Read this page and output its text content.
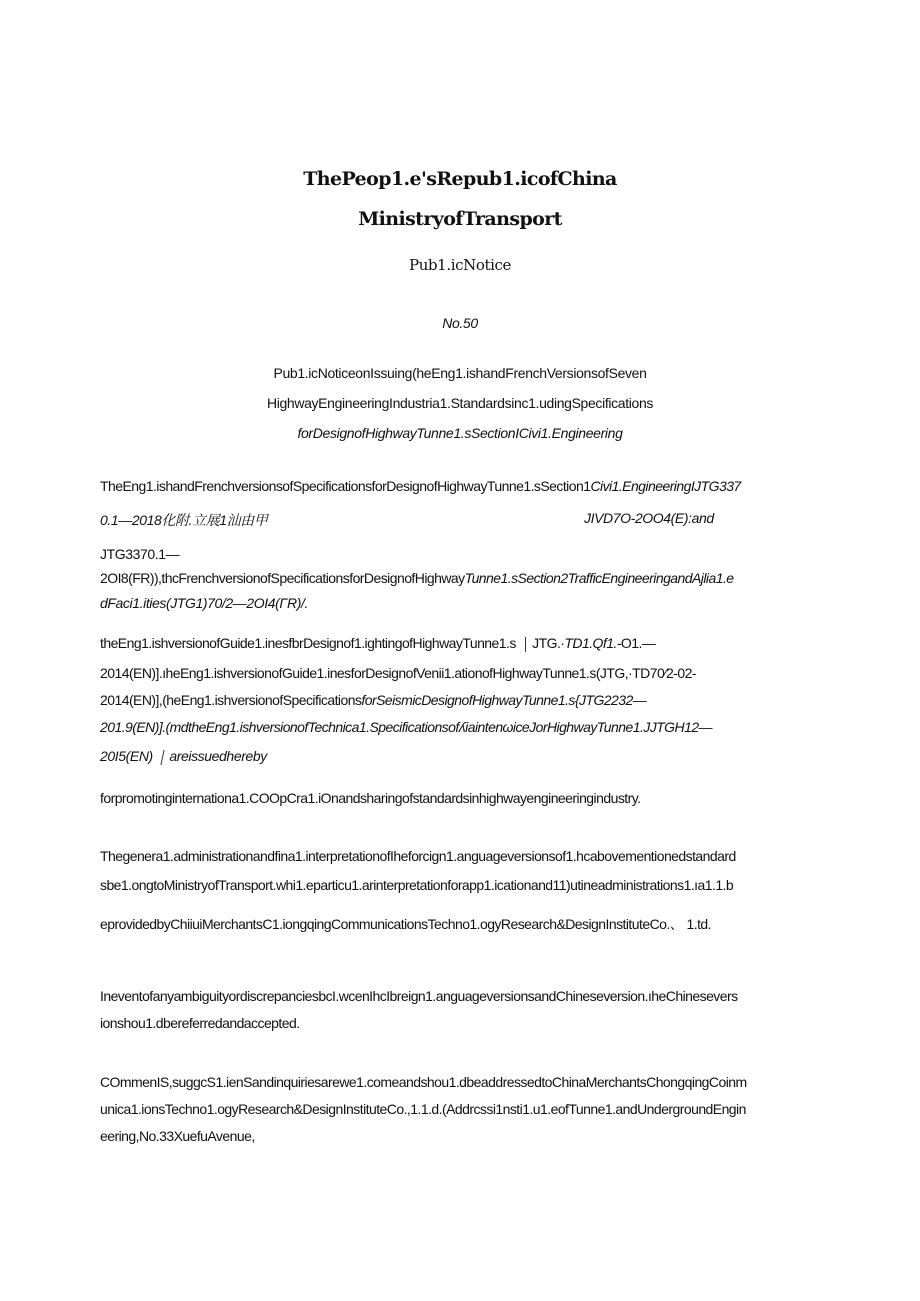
ThePeop1.e'sRepub1.icofChina
MinistryofTransport
Pub1.icNotice
No.50
Pub1.icNoticeonIssuing(heEng1.ishandFrenchVersionsofSeven
HighwayEngineeringIndustria1.Standardsinc1.udingSpecifications
forDesignofHighwayTunne1.sSectionICivi1.Engineering
TheEng1.ishandFrenchversionsofSpecificationsforDesignofHighwayTunne1.sSection1Civi1.EngineeringIJTG337
0.1—2018化附.立展1汕由甲	JIVD7O-2OO4(E):and
JTG3370.1—
2OI8(FR)),thcFrenchversionofSpecificationsforDesignofHighwayTunne1.sSection2TrafficEngineeringandAjlia1.e
dFaci1.ities(JTG1)70/2—2OI4(ΓR)/.
theEng1.ishversionofGuide1.inesfbrDesignof1.ightingofHighwayTunne1.s JTG.·TD1.Qf1.-O1.—
2014(EN)].ıheEng1.ishversionofGuide1.inesforDesignofVenii1.ationofHighwayTunne1.s(JTG,·TD70⁄2-02-
2014(EN)],(heEng1.ishversionofSpecificationsforSeismicDesignofHighwayTunne1.s{JTG2232—
201.9(EN)].(mdtheEng1.ishversionofTechnica1.SpecificationsofʎiaintenωiceJorHighwayTunne1.JJTGH12—
20I5(EN) areissuedhereby
forpromotinginternationa1.COOpCra1.iOnandsharingofstandardsinhighwayengineeringindustry.
Thegenera1.administrationandfina1.interpretationofIheforcign1.anguageversionsof1.hcabovementionedstandard
sbe1.ongtoMinistryofTransport.whi1.eparticu1.arinterpretationforapp1.icationand11)utineadministrations1.ıa1.1.b
eprovidedbyChiiuiMerchantsC1.iongqingCommunicationsTechno1.ogyResearch&DesignInstituteCo.、 1.td.
IneventofanyambiguityordiscrepanciesbcI.wcenIhcIbreign1.anguageversionsandChineseversion.ıheChinesevers
ionshou1.dbereferredandaccepted.
COmmenIS,suggcS1.ienSandinquiriesarewe1.comeandshou1.dbeaddressedtoChinaMerchantsChongqingCoinm
unica1.ionsTechno1.ogyResearch&DesignInstituteCo.,1.1.d.(Addrcssi1nsti1.u1.eofTunne1.andUndergroundEngin
eering,No.33XuefuAvenue,
